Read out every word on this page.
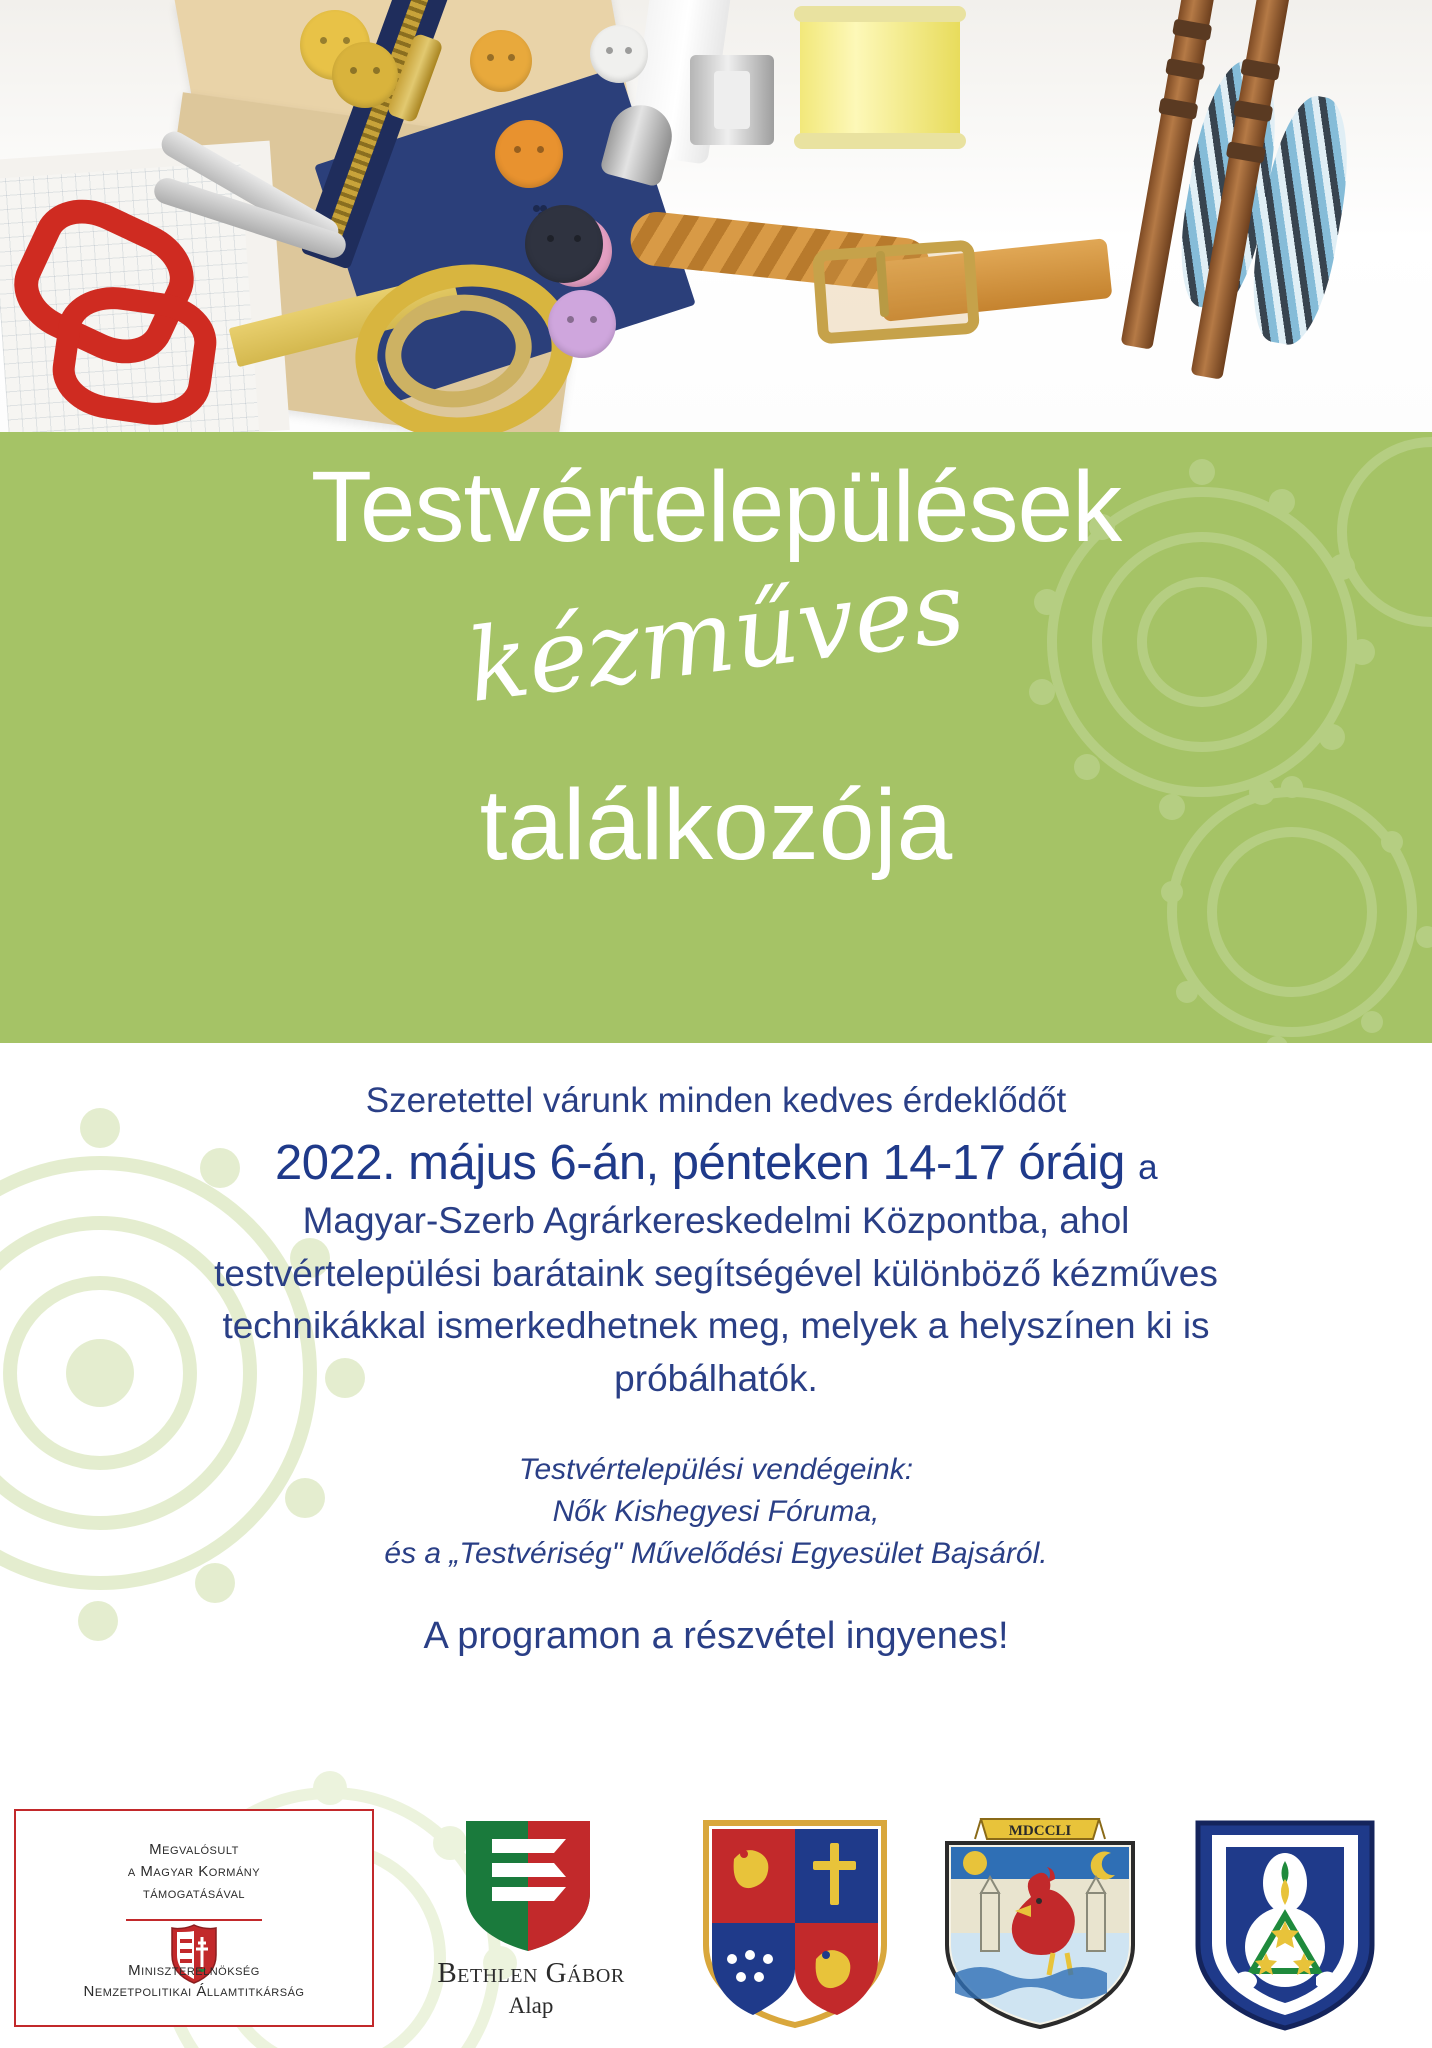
Testvértelepülések
kézműves
találkozója
Szeretettel várunk minden kedves érdeklődőt
2022. május 6-án, pénteken 14-17 óráig a
Magyar-Szerb Agrárkereskedelmi Központba, ahol
testvértelepülési barátaink segítségével különböző kézműves
technikákkal ismerkedhetnek meg, melyek a helyszínen ki is
próbálhatók.
Testvértelepülési vendégeink:
Nők Kishegyesi Fóruma,
és a „Testvériség" Művelődési Egyesület Bajsáról.
A programon a részvétel ingyenes!
Megvalósult
a Magyar Kormány
támogatásával
Miniszterelnökség
Nemzetpolitikai Államtitkárság
Bethlen Gábor
Alap
MDCCLI
